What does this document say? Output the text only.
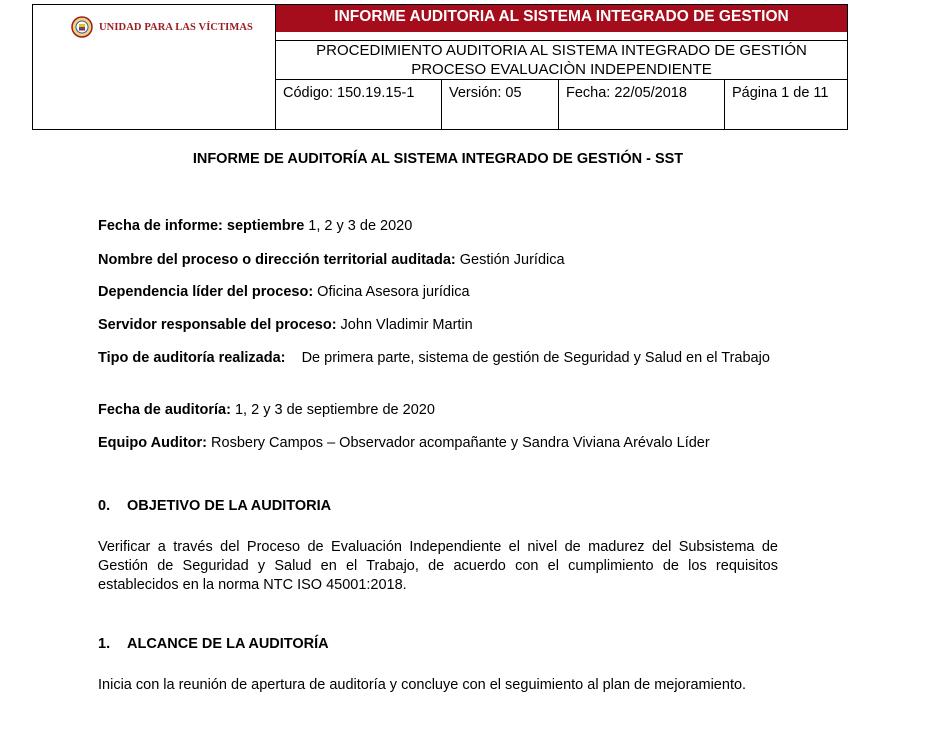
UNIDAD PARA LAS VÍCTIMAS
INFORME AUDITORIA AL SISTEMA INTEGRADO DE GESTION
PROCEDIMIENTO AUDITORIA AL SISTEMA INTEGRADO DE GESTIÓN
PROCESO EVALUACIÒN INDEPENDIENTE
Código: 150.19.15-1	Versión: 05	Fecha: 22/05/2018	Página 1 de 11
INFORME DE AUDITORÍA AL SISTEMA INTEGRADO DE GESTIÓN - SST
Fecha de informe: septiembre 1, 2 y 3 de 2020
Nombre del proceso o dirección territorial auditada: Gestión Jurídica
Dependencia líder del proceso: Oficina Asesora jurídica
Servidor responsable del proceso: John Vladimir Martin
Tipo de auditoría realizada:    De primera parte, sistema de gestión de Seguridad y Salud en el Trabajo
Fecha de auditoría: 1, 2 y 3 de septiembre de 2020
Equipo Auditor: Rosbery Campos – Observador acompañante y Sandra Viviana Arévalo Líder
0. OBJETIVO DE LA AUDITORIA
Verificar a través del Proceso de Evaluación Independiente el nivel de madurez del Subsistema de Gestión de Seguridad y Salud en el Trabajo, de acuerdo con el cumplimiento de los requisitos establecidos en la norma NTC ISO 45001:2018.
1. ALCANCE DE LA AUDITORÍA
Inicia con la reunión de apertura de auditoría y concluye con el seguimiento al plan de mejoramiento.
